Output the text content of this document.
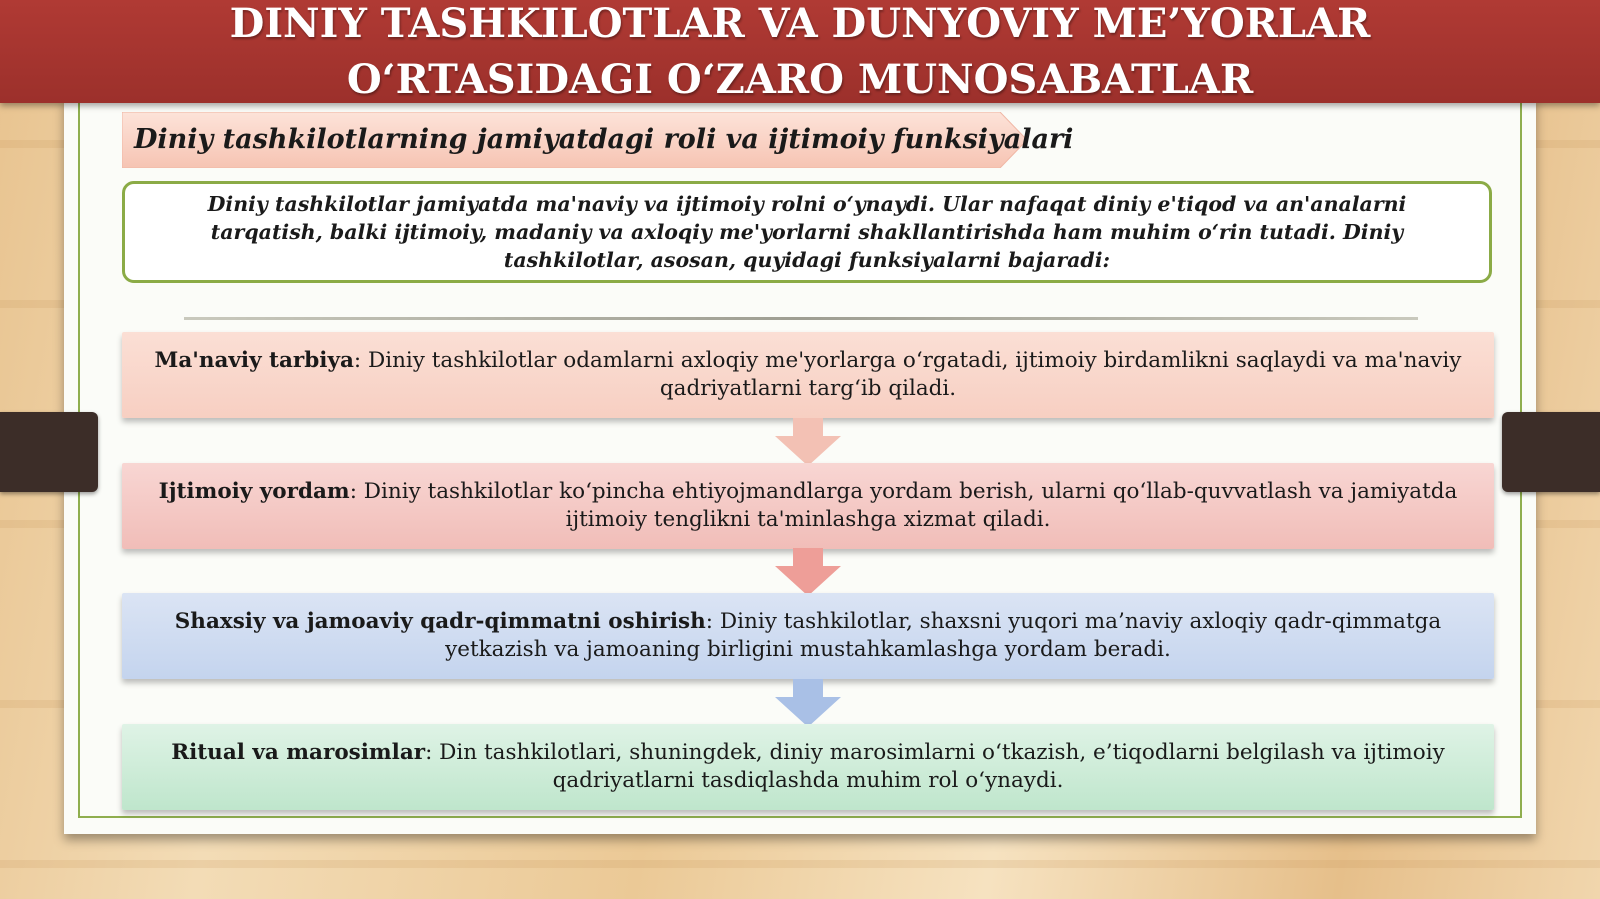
DINIY TASHKILOTLAR VA DUNYOVIY ME’YORLAR O‘RTASIDAGI O‘ZARO MUNOSABATLAR
Diniy tashkilotlarning jamiyatdagi roli va ijtimoiy funksiyalari

Diniy tashkilotlar jamiyatda ma'naviy va ijtimoiy rolni o‘ynaydi. Ular nafaqat diniy e'tiqod va an'analarni tarqatish, balki ijtimoiy, madaniy va axloqiy me'yorlarni shakllantirishda ham muhim o‘rin tutadi. Diniy tashkilotlar, asosan, quyidagi funksiyalarni bajaradi:

Ma'naviy tarbiya: Diniy tashkilotlar odamlarni axloqiy me'yorlarga o‘rgatadi, ijtimoiy birdamlikni saqlaydi va ma'naviy qadriyatlarni targ‘ib qiladi.

Ijtimoiy yordam: Diniy tashkilotlar ko‘pincha ehtiyojmandlarga yordam berish, ularni qo‘llab-quvvatlash va jamiyatda ijtimoiy tenglikni ta'minlashga xizmat qiladi.

Shaxsiy va jamoaviy qadr-qimmatni oshirish: Diniy tashkilotlar, shaxsni yuqori ma’naviy axloqiy qadr-qimmatga yetkazish va jamoaning birligini mustahkamlashga yordam beradi.

Ritual va marosimlar: Din tashkilotlari, shuningdek, diniy marosimlarni o‘tkazish, e’tiqodlarni belgilash va ijtimoiy qadriyatlarni tasdiqlashda muhim rol o‘ynaydi.
